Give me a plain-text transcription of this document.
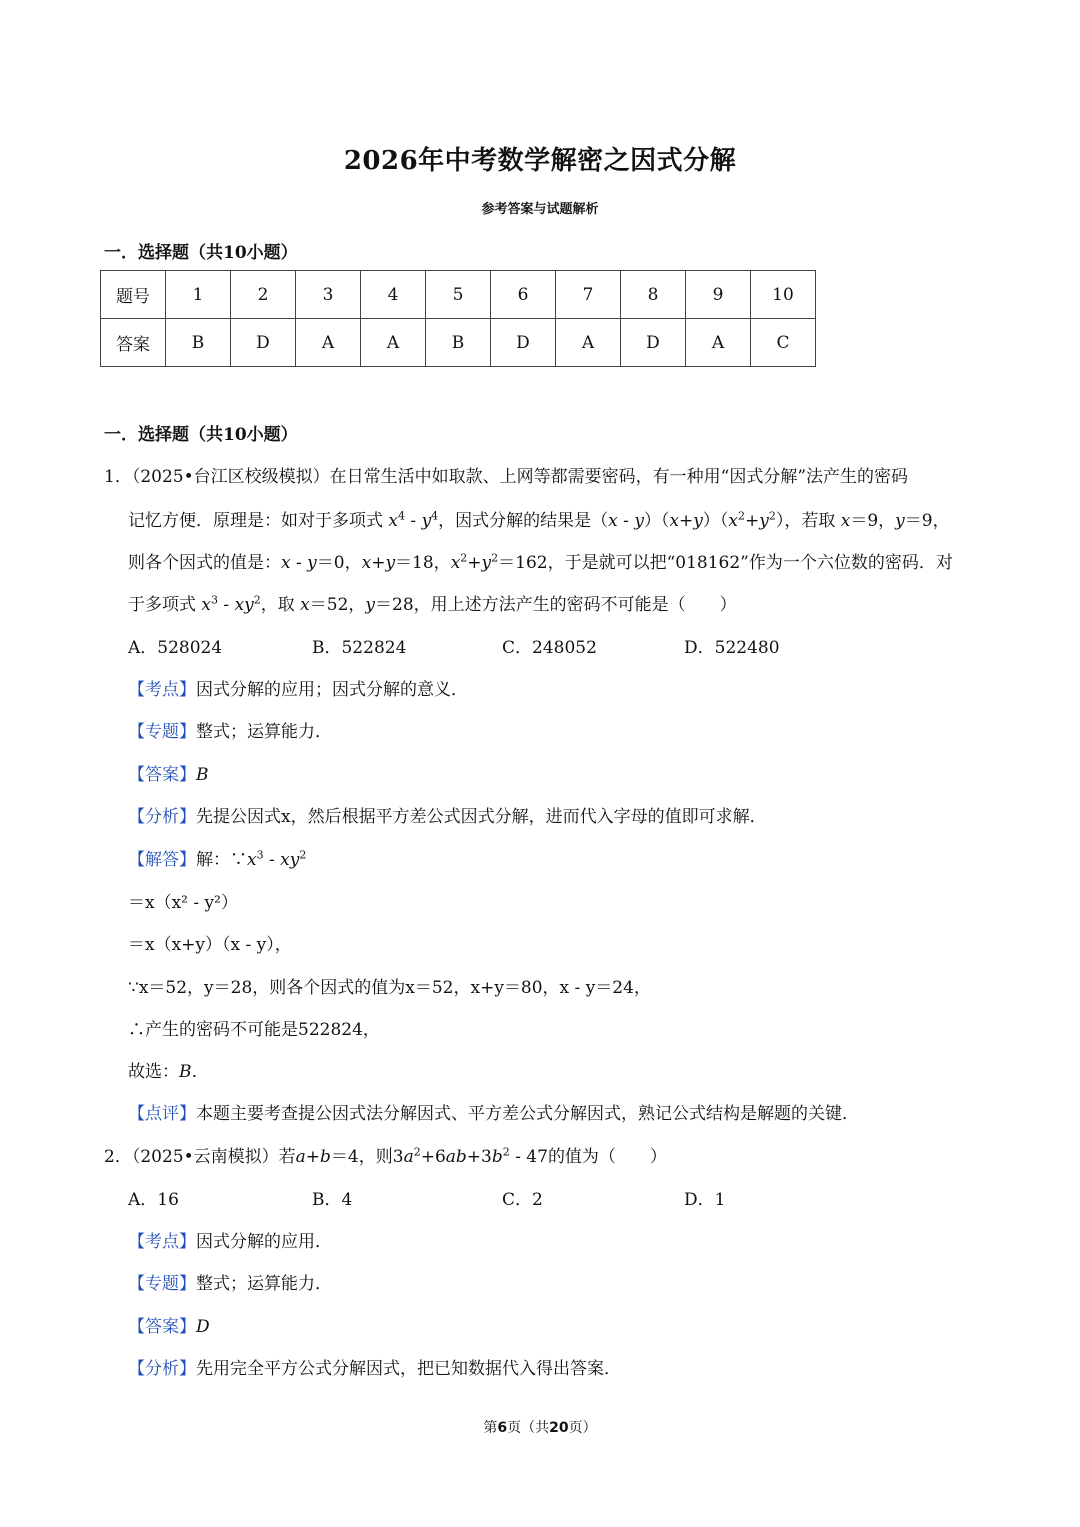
2026年中考数学解密之因式分解
参考答案与试题解析
一．选择题（共10小题）
题号	1	2	3	4	5	6	7	8	9	10
答案	B	D	A	A	B	D	A	D	A	C
一．选择题（共10小题）
1．（2025•台江区校级模拟）在日常生活中如取款、上网等都需要密码，有一种用“因式分解”法产生的密码
记忆方便．原理是：如对于多项式 $x^4 - y^4$，因式分解的结果是$(x - y)(x+y)(x^2+y^2)$，若取 x＝9，y＝9，
则各个因式的值是：x - y＝0，x+y＝18，$x^2+y^2=162$，于是就可以把“018162”作为一个六位数的密码．对
于多项式 $x^3 - xy^2$，取 x＝52，y＝28，用上述方法产生的密码不可能是（　　）
A．528024	B．522824	C．248052	D．522480
【考点】因式分解的应用；因式分解的意义．
【专题】整式；运算能力．
【答案】B
【分析】先提公因式x，然后根据平方差公式因式分解，进而代入字母的值即可求解．
【解答】解：$\because x^3 - xy^2$
＝x（x² - y²）
＝x（x+y）（x - y），
∵x＝52，y＝28，则各个因式的值为x＝52，x+y＝80，x - y＝24，
∴产生的密码不可能是522824，
故选：B．
【点评】本题主要考查提公因式法分解因式、平方差公式分解因式，熟记公式结构是解题的关键．
2．（2025•云南模拟）若a+b＝4，则$3a^2+6ab+3b^2 - 47$的值为（　　）
A．16	B．4	C．2	D．1
【考点】因式分解的应用．
【专题】整式；运算能力．
【答案】D
【分析】先用完全平方公式分解因式，把已知数据代入得出答案．
第6页（共20页）
